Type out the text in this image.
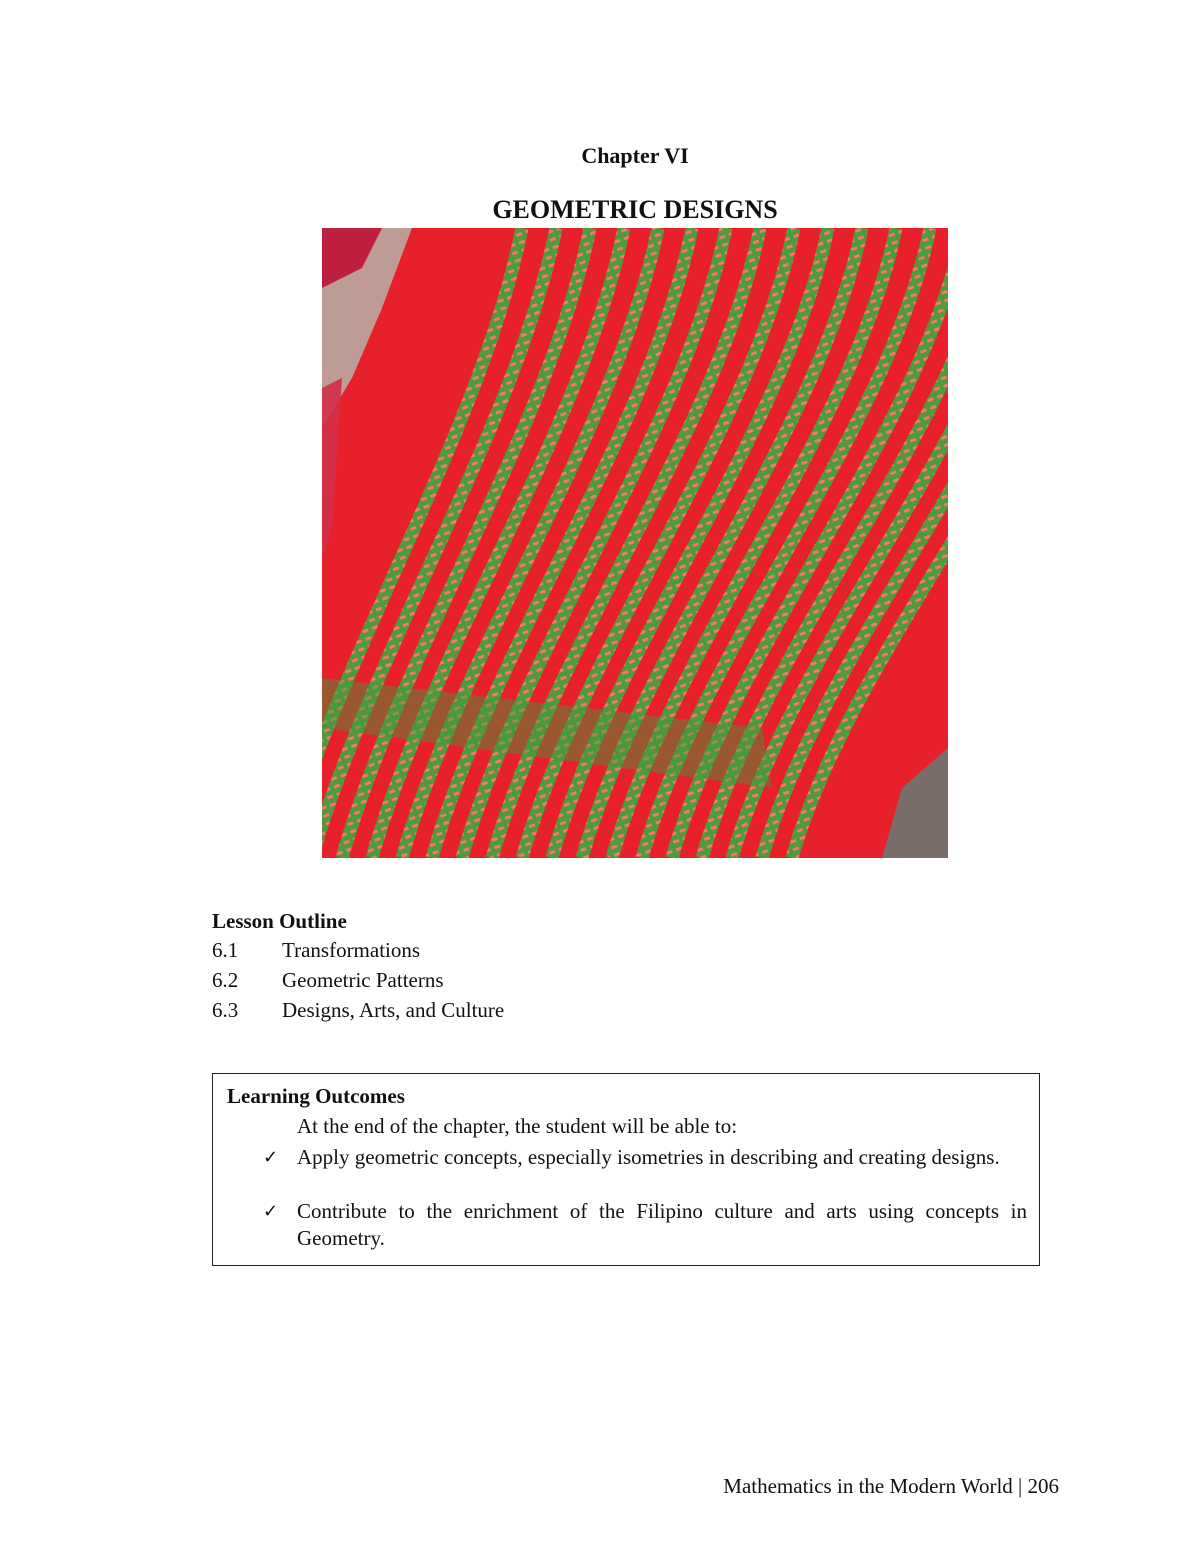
Chapter VI
GEOMETRIC DESIGNS
Lesson Outline
6.1 Transformations
6.2 Geometric Patterns
6.3 Designs, Arts, and Culture
Learning Outcomes
At the end of the chapter, the student will be able to:
✓ Apply geometric concepts, especially isometries in describing and creating designs.
✓ Contribute to the enrichment of the Filipino culture and arts using concepts in Geometry.
Mathematics in the Modern World | 206
